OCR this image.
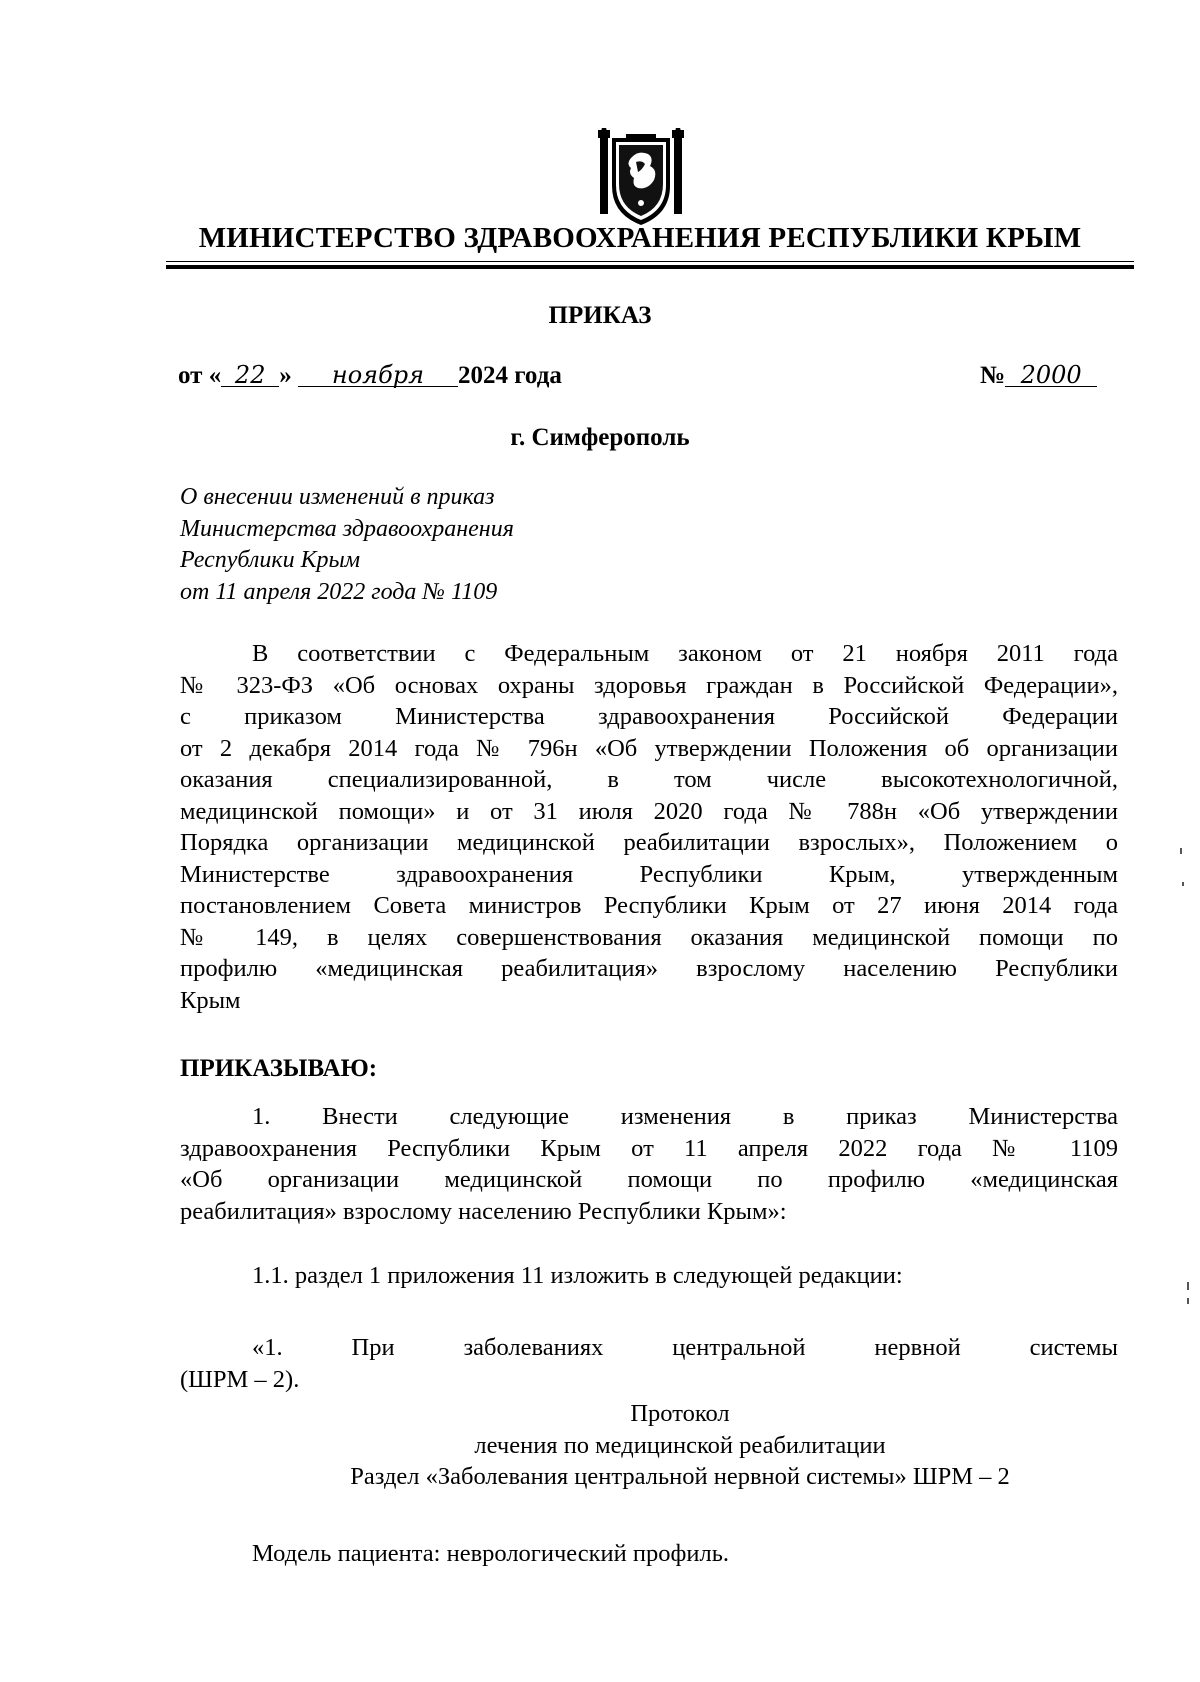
МИНИСТЕРСТВО ЗДРАВООХРАНЕНИЯ РЕСПУБЛИКИ КРЫМ
ПРИКАЗ
от « 22 » ноября 2024 года	№ 2000
г. Симферополь
О внесении изменений в приказ
Министерства здравоохранения
Республики Крым
от 11 апреля 2022 года № 1109
В соответствии с Федеральным законом от 21 ноября 2011 года
№ 323-ФЗ «Об основах охраны здоровья граждан в Российской Федерации»,
с приказом Министерства здравоохранения Российской Федерации
от 2 декабря 2014 года № 796н «Об утверждении Положения об организации
оказания специализированной, в том числе высокотехнологичной,
медицинской помощи» и от 31 июля 2020 года № 788н «Об утверждении
Порядка организации медицинской реабилитации взрослых», Положением о
Министерстве здравоохранения Республики Крым, утвержденным
постановлением Совета министров Республики Крым от 27 июня 2014 года
№ 149, в целях совершенствования оказания медицинской помощи по
профилю «медицинская реабилитация» взрослому населению Республики
Крым
ПРИКАЗЫВАЮ:
1. Внести следующие изменения в приказ Министерства
здравоохранения Республики Крым от 11 апреля 2022 года № 1109
«Об организации медицинской помощи по профилю «медицинская
реабилитация» взрослому населению Республики Крым»:
1.1. раздел 1 приложения 11 изложить в следующей редакции:
«1. При заболеваниях центральной нервной системы
(ШРМ – 2).
Протокол
лечения по медицинской реабилитации
Раздел «Заболевания центральной нервной системы» ШРМ – 2
Модель пациента: неврологический профиль.
